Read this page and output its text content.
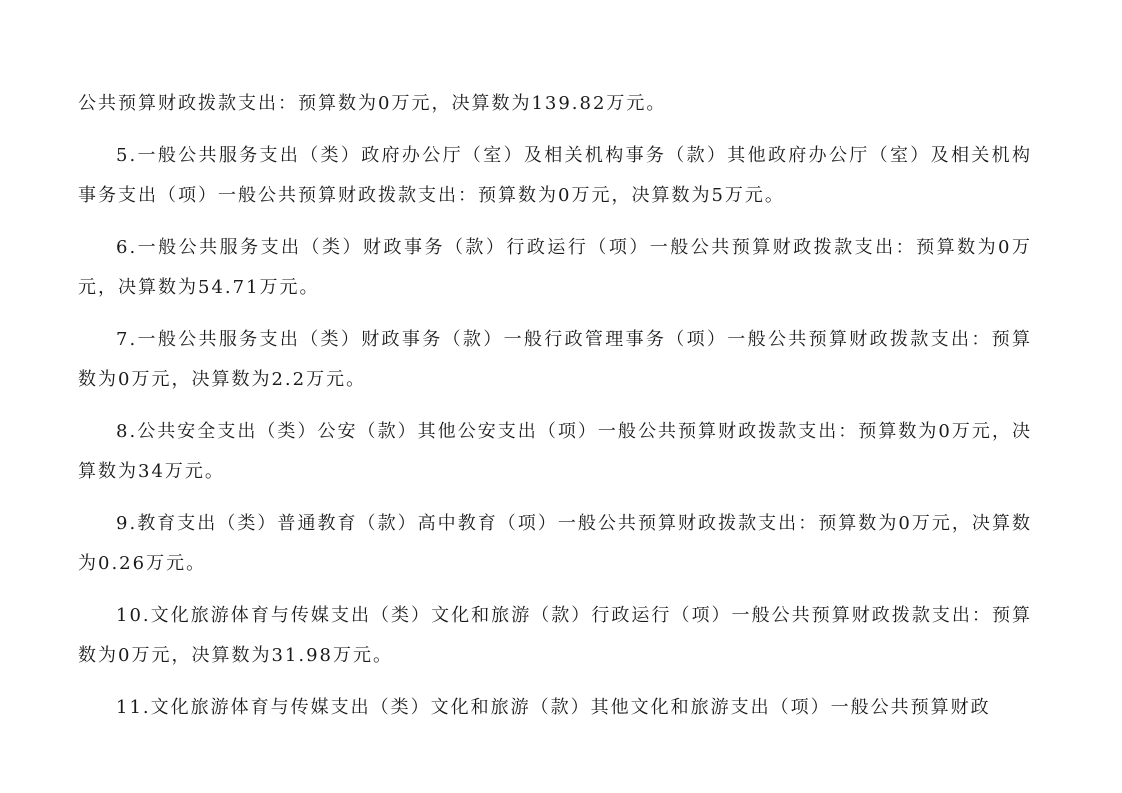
公共预算财政拨款支出：预算数为0万元，决算数为139.82万元。

5.一般公共服务支出（类）政府办公厅（室）及相关机构事务（款）其他政府办公厅（室）及相关机构事务支出（项）一般公共预算财政拨款支出：预算数为0万元，决算数为5万元。

6.一般公共服务支出（类）财政事务（款）行政运行（项）一般公共预算财政拨款支出：预算数为0万元，决算数为54.71万元。

7.一般公共服务支出（类）财政事务（款）一般行政管理事务（项）一般公共预算财政拨款支出：预算数为0万元，决算数为2.2万元。

8.公共安全支出（类）公安（款）其他公安支出（项）一般公共预算财政拨款支出：预算数为0万元，决算数为34万元。

9.教育支出（类）普通教育（款）高中教育（项）一般公共预算财政拨款支出：预算数为0万元，决算数为0.26万元。

10.文化旅游体育与传媒支出（类）文化和旅游（款）行政运行（项）一般公共预算财政拨款支出：预算数为0万元，决算数为31.98万元。

11.文化旅游体育与传媒支出（类）文化和旅游（款）其他文化和旅游支出（项）一般公共预算财政
